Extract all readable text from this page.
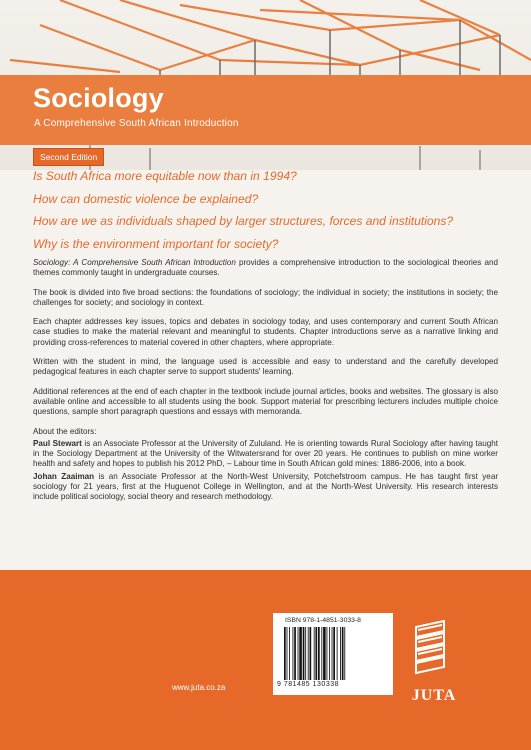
Sociology
A Comprehensive South African Introduction
Second Edition

Is South Africa more equitable now than in 1994?

How can domestic violence be explained?

How are we as individuals shaped by larger structures, forces and institutions?

Why is the environment important for society?

Sociology: A Comprehensive South African Introduction provides a comprehensive introduction to the sociological theories and themes commonly taught in undergraduate courses.

The book is divided into five broad sections: the foundations of sociology; the individual in society; the institutions in society; the challenges for society; and sociology in context.

Each chapter addresses key issues, topics and debates in sociology today, and uses contemporary and current South African case studies to make the material relevant and meaningful to students. Chapter introductions serve as a narrative linking and providing cross-references to material covered in other chapters, where appropriate.

Written with the student in mind, the language used is accessible and easy to understand and the carefully developed pedagogical features in each chapter serve to support students' learning.

Additional references at the end of each chapter in the textbook include journal articles, books and websites. The glossary is also available online and accessible to all students using the book. Support material for prescribing lecturers includes multiple choice questions, sample short paragraph questions and essays with memoranda.

About the editors:

Paul Stewart is an Associate Professor at the University of Zululand. He is orienting towards Rural Sociology after having taught in the Sociology Department at the University of the Witwatersrand for over 20 years. He continues to publish on mine worker health and safety and hopes to publish his 2012 PhD, – Labour time in South African gold mines: 1886-2006, into a book.

Johan Zaaiman is an Associate Professor at the North-West University, Potchefstroom campus. He has taught first year sociology for 21 years, first at the Huguenot College in Wellington, and at the North-West University. His research interests include political sociology, social theory and research methodology.

ISBN 978-1-4851-3033-8
9 781485 130338
JUTA
www.juta.co.za
